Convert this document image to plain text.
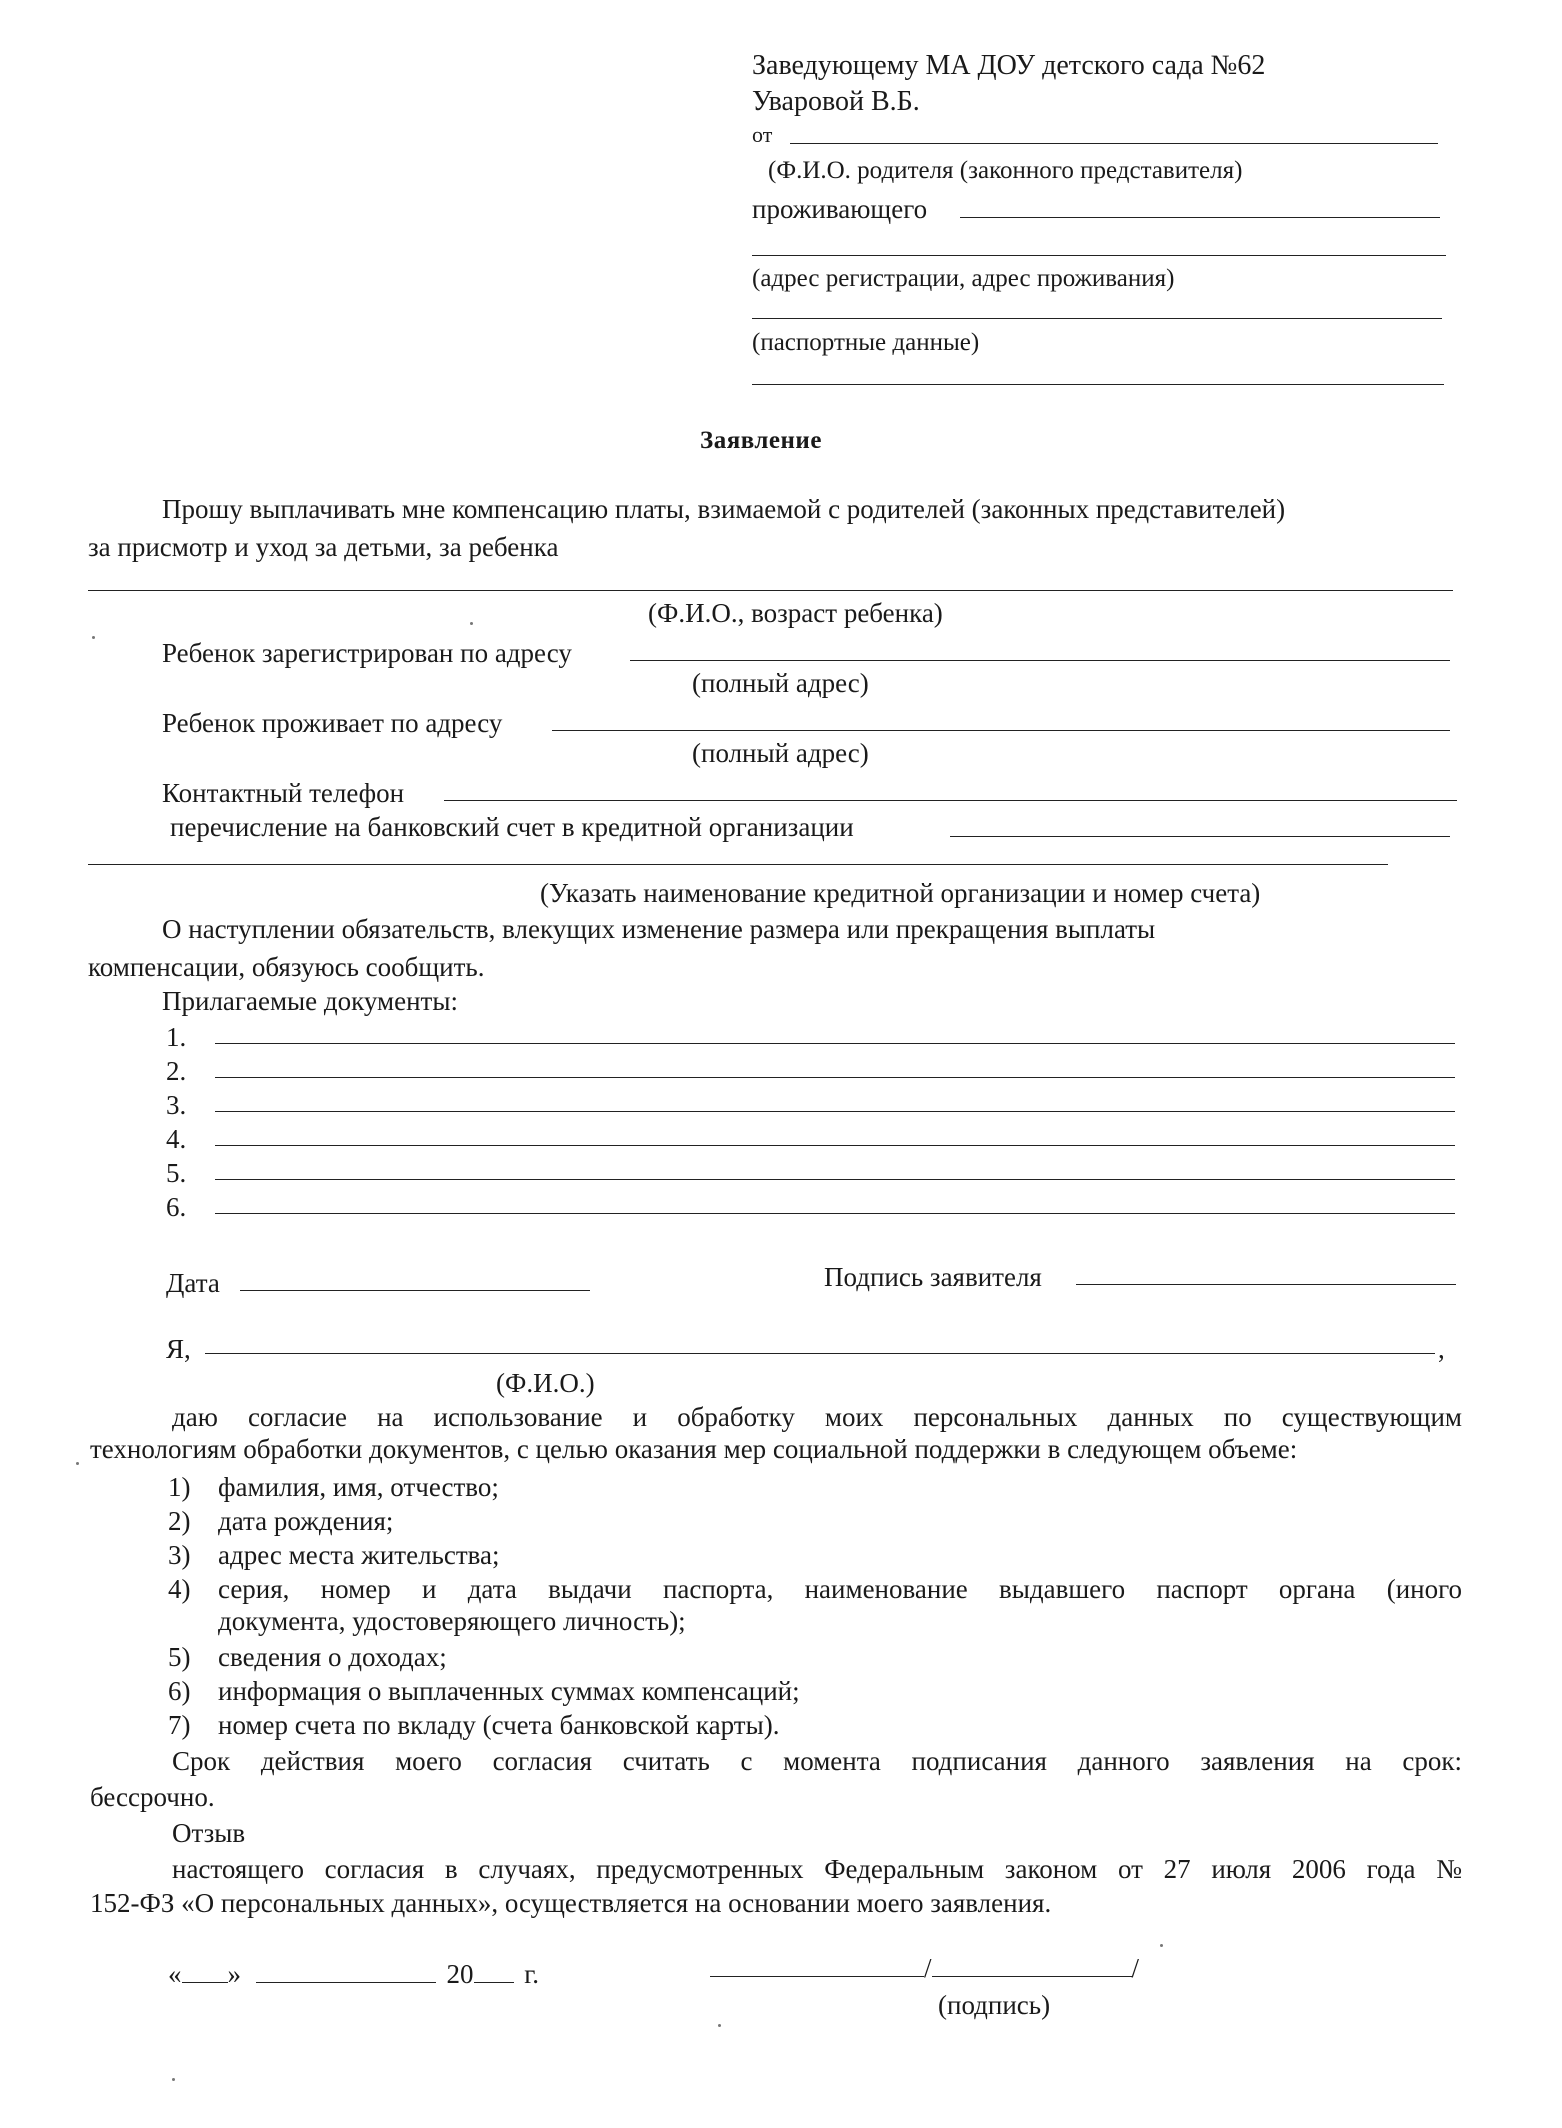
Заведующему МА ДОУ детского сада №62
Уваровой В.Б.
от
(Ф.И.О. родителя (законного представителя)
проживающего
(адрес регистрации, адрес проживания)
(паспортные данные)
Заявление
Прошу выплачивать мне компенсацию платы, взимаемой с родителей (законных представителей)
за присмотр и уход за детьми, за ребенка
(Ф.И.О., возраст ребенка)
Ребенок зарегистрирован по адресу
(полный адрес)
Ребенок проживает по адресу
(полный адрес)
Контактный телефон
перечисление на банковский счет в кредитной организации
(Указать наименование кредитной организации и номер счета)
О наступлении обязательств, влекущих изменение размера или прекращения выплаты
компенсации, обязуюсь сообщить.
Прилагаемые документы:
1.
2.
3.
4.
5.
6.
Дата	Подпись заявителя
Я,	,
(Ф.И.О.)
даю согласие на использование и обработку моих персональных данных по существующим
технологиям обработки документов, с целью оказания мер социальной поддержки в следующем объеме:
1) фамилия, имя, отчество;
2) дата рождения;
3) адрес места жительства;
4) серия, номер и дата выдачи паспорта, наименование выдавшего паспорт органа (иного
документа, удостоверяющего личность);
5) сведения о доходах;
6) информация о выплаченных суммах компенсаций;
7) номер счета по вкладу (счета банковской карты).
Срок действия моего согласия считать с момента подписания данного заявления на срок:
бессрочно.
Отзыв
настоящего согласия в случаях, предусмотренных Федеральным законом от 27 июля 2006 года №
152-ФЗ «О персональных данных», осуществляется на основании моего заявления.
« »	20 г.	/	/
(подпись)
